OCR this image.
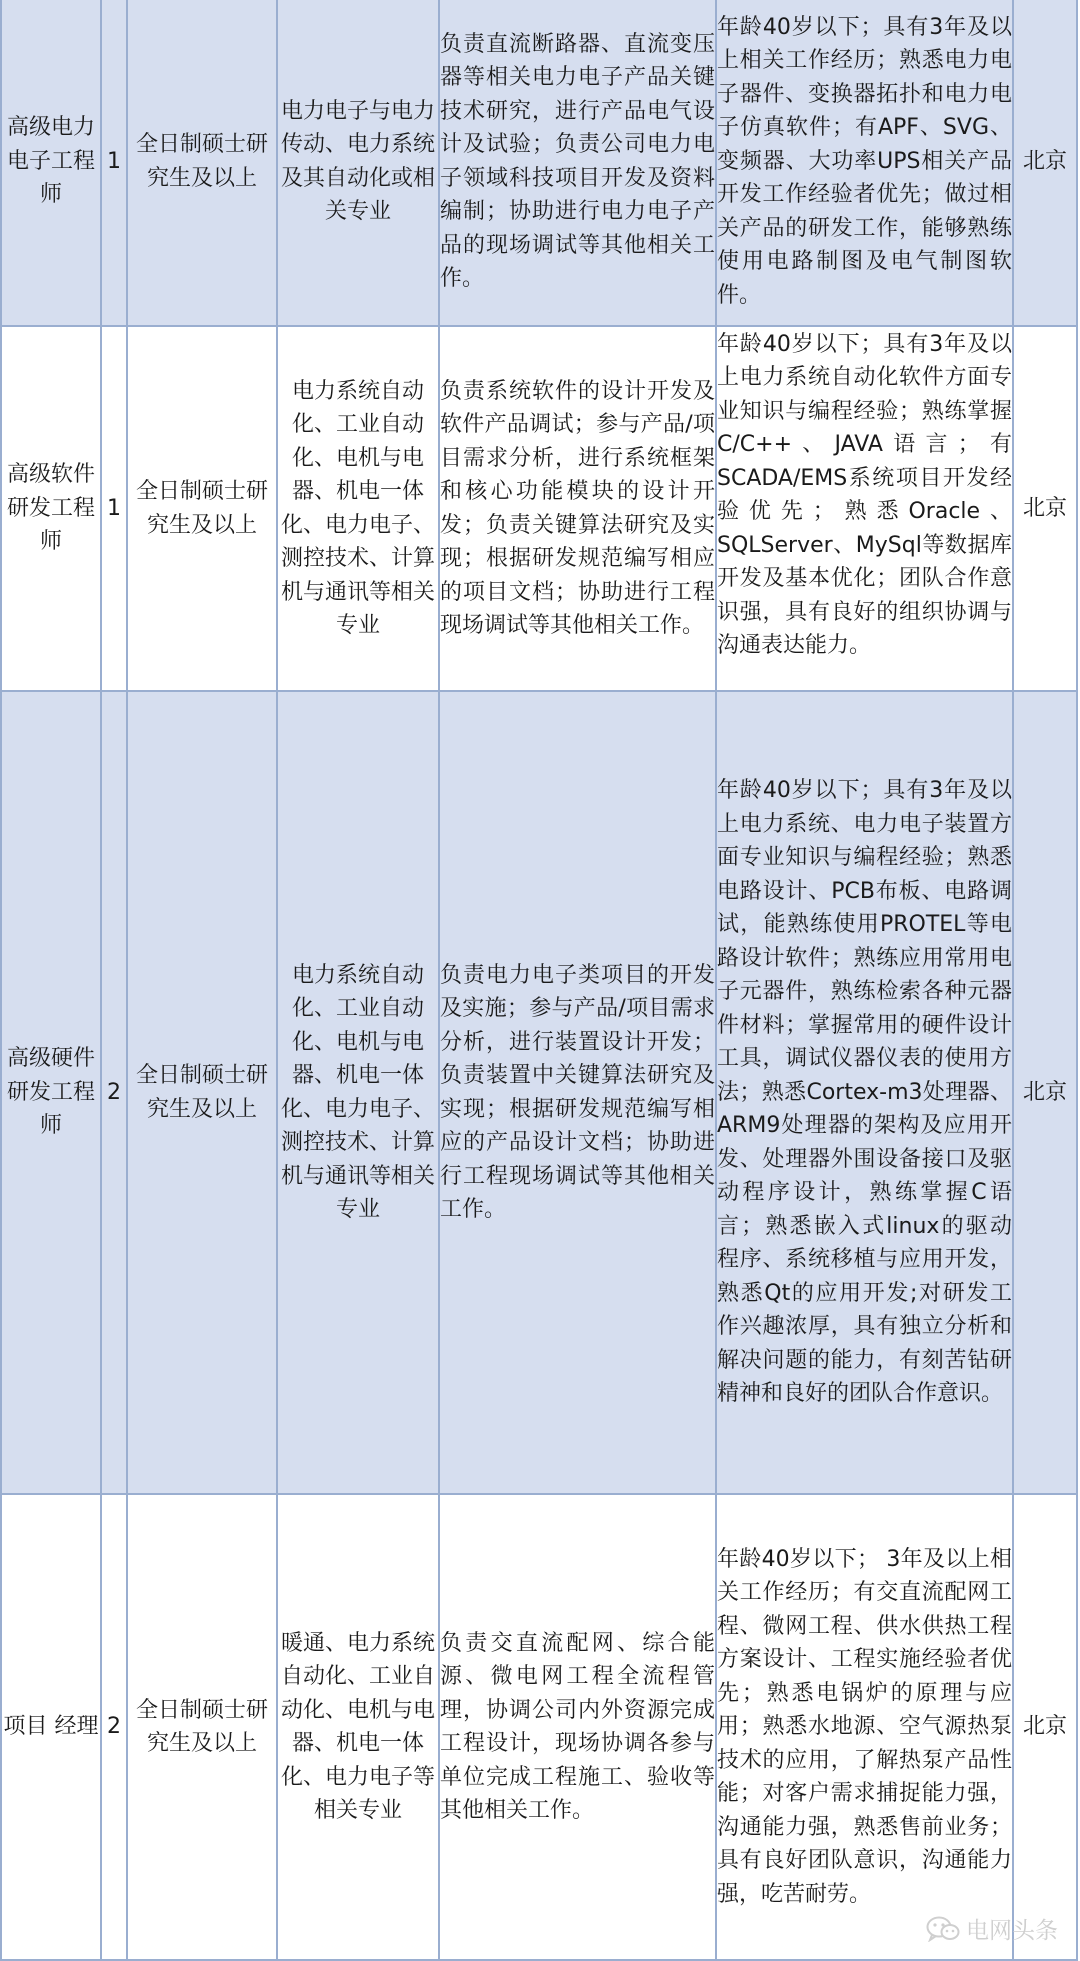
高级电力电子工程师	1	全日制硕士研究生及以上	电力电子与电力传动、电力系统及其自动化或相关专业	负责直流断路器、直流变压器等相关电力电子产品关键技术研究，进行产品电气设计及试验；负责公司电力电子领域科技项目开发及资料编制；协助进行电力电子产品的现场调试等其他相关工作。	年龄40岁以下；具有3年及以上相关工作经历；熟悉电力电子器件、变换器拓扑和电力电子仿真软件；有APF、SVG、变频器、大功率UPS相关产品开发工作经验者优先；做过相关产品的研发工作，能够熟练使用电路制图及电气制图软件。	北京
高级软件研发工程师	1	全日制硕士研究生及以上	电力系统自动化、工业自动化、电机与电器、机电一体化、电力电子、测控技术、计算机与通讯等相关专业	负责系统软件的设计开发及软件产品调试；参与产品/项目需求分析，进行系统框架和核心功能模块的设计开发；负责关键算法研究及实现；根据研发规范编写相应的项目文档；协助进行工程现场调试等其他相关工作。	年龄40岁以下；具有3年及以上电力系统自动化软件方面专业知识与编程经验；熟练掌握C/C++、JAVA语言；有SCADA/EMS系统项目开发经验优先；熟悉Oracle、SQLServer、MySql等数据库开发及基本优化；团队合作意识强，具有良好的组织协调与沟通表达能力。	北京
高级硬件研发工程师	2	全日制硕士研究生及以上	电力系统自动化、工业自动化、电机与电器、机电一体化、电力电子、测控技术、计算机与通讯等相关专业	负责电力电子类项目的开发及实施；参与产品/项目需求分析，进行装置设计开发；负责装置中关键算法研究及实现；根据研发规范编写相应的产品设计文档；协助进行工程现场调试等其他相关工作。	年龄40岁以下；具有3年及以上电力系统、电力电子装置方面专业知识与编程经验；熟悉电路设计、PCB布板、电路调试，能熟练使用PROTEL等电路设计软件；熟练应用常用电子元器件，熟练检索各种元器件材料；掌握常用的硬件设计工具，调试仪器仪表的使用方法；熟悉Cortex-m3处理器、ARM9处理器的架构及应用开发、处理器外围设备接口及驱动程序设计，熟练掌握C语言；熟悉嵌入式linux的驱动程序、系统移植与应用开发，熟悉Qt的应用开发;对研发工作兴趣浓厚，具有独立分析和解决问题的能力，有刻苦钻研精神和良好的团队合作意识。	北京
项目 经理	2	全日制硕士研究生及以上	暖通、电力系统自动化、工业自动化、电机与电器、机电一体化、电力电子等相关专业	负责交直流配网、综合能源、微电网工程全流程管理，协调公司内外资源完成工程设计，现场协调各参与单位完成工程施工、验收等其他相关工作。	年龄40岁以下； 3年及以上相关工作经历；有交直流配网工程、微网工程、供水供热工程方案设计、工程实施经验者优先；熟悉电锅炉的原理与应用；熟悉水地源、空气源热泵技术的应用，了解热泵产品性能；对客户需求捕捉能力强，沟通能力强，熟悉售前业务；具有良好团队意识，沟通能力强，吃苦耐劳。	北京
电网头条
